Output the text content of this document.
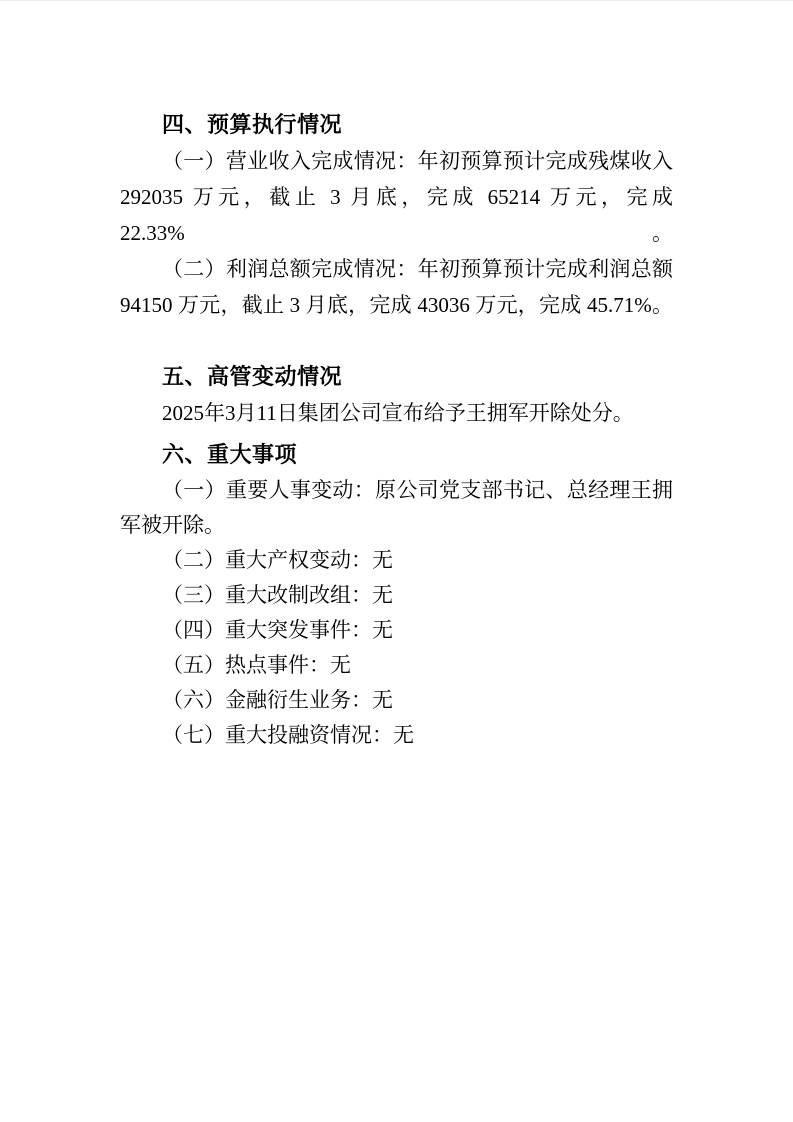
四、预算执行情况
（一）营业收入完成情况：年初预算预计完成残煤收入
292035 万元，截止 3 月底，完成 65214 万元，完成 22.33%。
（二）利润总额完成情况：年初预算预计完成利润总额
94150 万元，截止 3 月底，完成 43036 万元，完成 45.71%。
五、高管变动情况
2025年3月11日集团公司宣布给予王拥军开除处分。
六、重大事项
（一）重要人事变动：原公司党支部书记、总经理王拥
军被开除。
（二）重大产权变动：无
（三）重大改制改组：无
（四）重大突发事件：无
（五）热点事件：无
（六）金融衍生业务：无
（七）重大投融资情况：无
